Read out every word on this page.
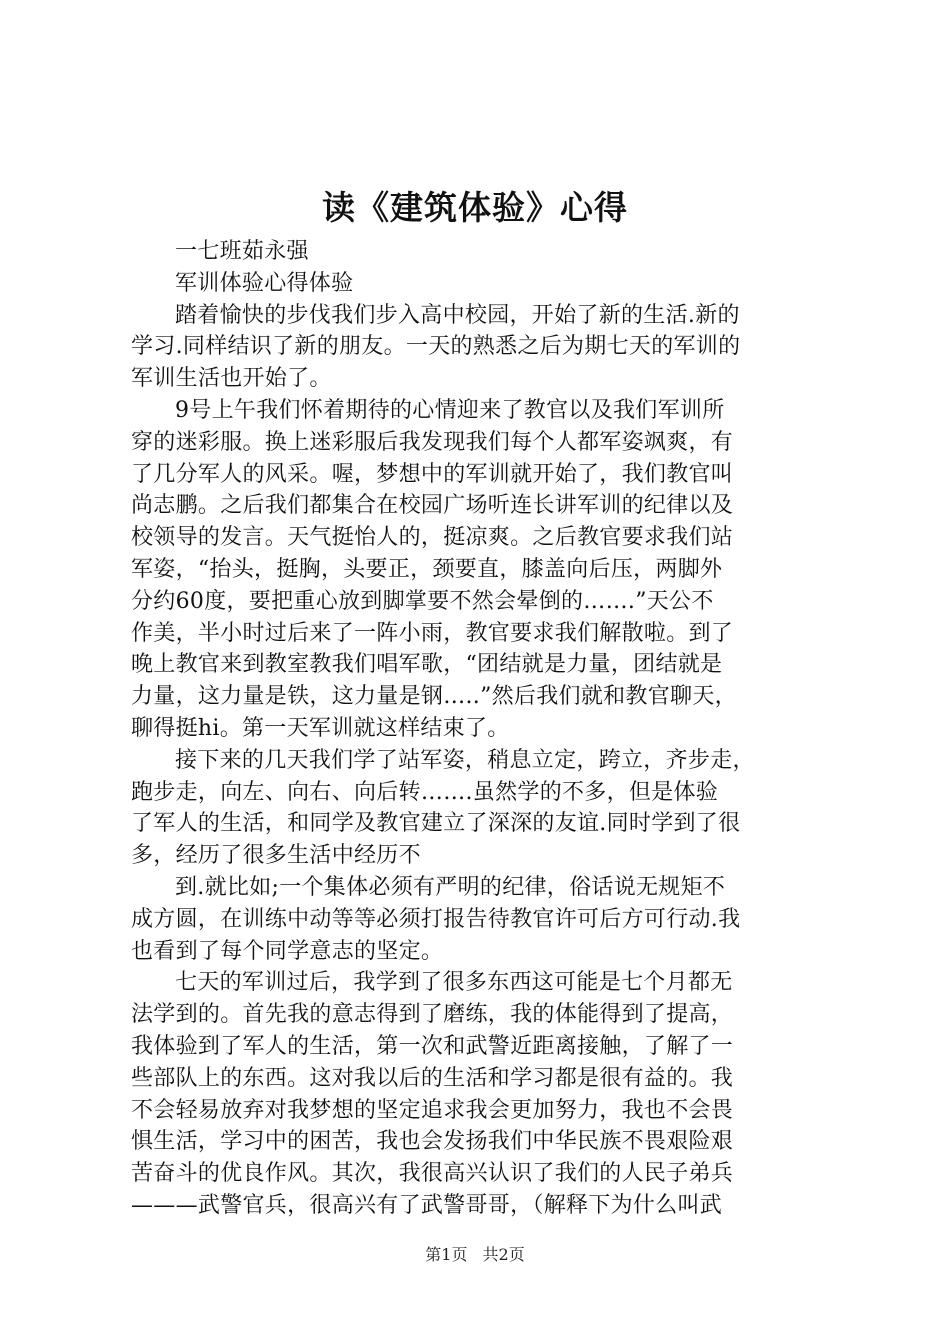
读《建筑体验》心得
一七班茹永强
军训体验心得体验
踏着愉快的步伐我们步入高中校园，开始了新的生活.新的
学习.同样结识了新的朋友。一天的熟悉之后为期七天的军训的
军训生活也开始了。
9号上午我们怀着期待的心情迎来了教官以及我们军训所
穿的迷彩服。换上迷彩服后我发现我们每个人都军姿飒爽，有
了几分军人的风采。喔，梦想中的军训就开始了，我们教官叫
尚志鹏。之后我们都集合在校园广场听连长讲军训的纪律以及
校领导的发言。天气挺怡人的，挺凉爽。之后教官要求我们站
军姿，“抬头，挺胸，头要正，颈要直，膝盖向后压，两脚外
分约60度，要把重心放到脚掌要不然会晕倒的…….”天公不
作美，半小时过后来了一阵小雨，教官要求我们解散啦。到了
晚上教官来到教室教我们唱军歌，“团结就是力量，团结就是
力量，这力量是铁，这力量是钢…..”然后我们就和教官聊天，
聊得挺hi。第一天军训就这样结束了。
接下来的几天我们学了站军姿，稍息立定，跨立，齐步走，
跑步走，向左、向右、向后转…….虽然学的不多，但是体验
了军人的生活，和同学及教官建立了深深的友谊.同时学到了很
多，经历了很多生活中经历不
到.就比如;一个集体必须有严明的纪律，俗话说无规矩不
成方圆，在训练中动等等必须打报告待教官许可后方可行动.我
也看到了每个同学意志的坚定。
七天的军训过后，我学到了很多东西这可能是七个月都无
法学到的。首先我的意志得到了磨练，我的体能得到了提高，
我体验到了军人的生活，第一次和武警近距离接触，了解了一
些部队上的东西。这对我以后的生活和学习都是很有益的。我
不会轻易放弃对我梦想的坚定追求我会更加努力，我也不会畏
惧生活，学习中的困苦，我也会发扬我们中华民族不畏艰险艰
苦奋斗的优良作风。其次，我很高兴认识了我们的人民子弟兵
———武警官兵，很高兴有了武警哥哥，（解释下为什么叫武
第1页 共2页
